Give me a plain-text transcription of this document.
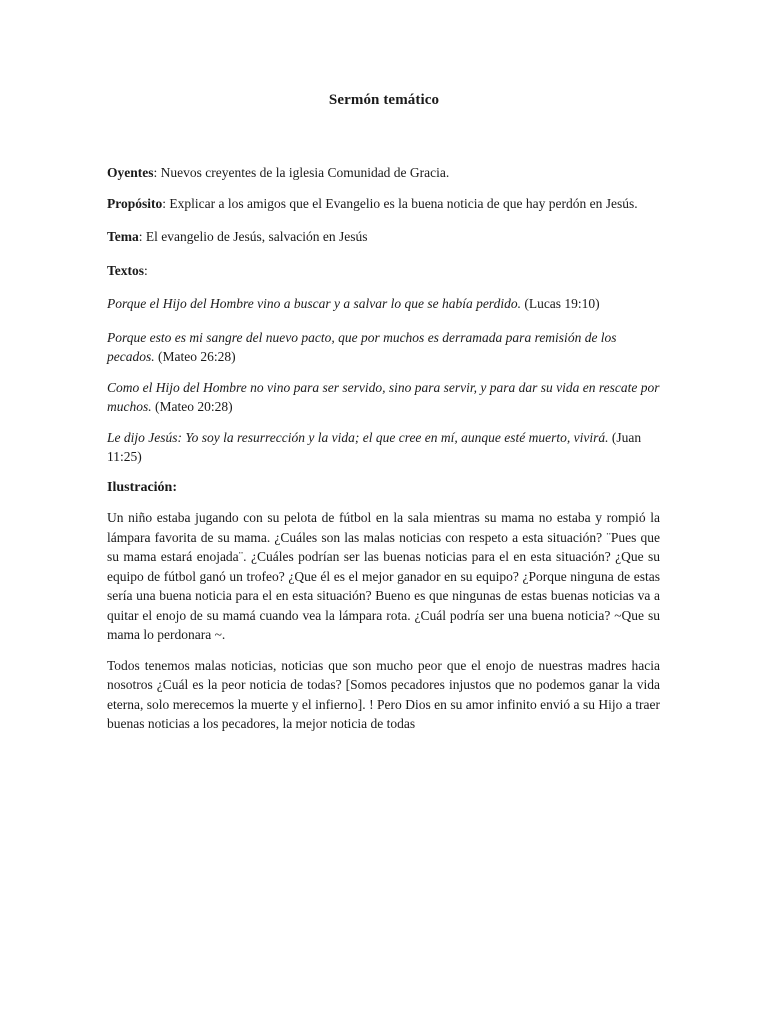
Sermón temático

Oyentes: Nuevos creyentes de la iglesia Comunidad de Gracia.

Propósito: Explicar a los amigos que el Evangelio es la buena noticia de que hay perdón en Jesús.

Tema: El evangelio de Jesús, salvación en Jesús

Textos:

Porque el Hijo del Hombre vino a buscar y a salvar lo que se había perdido. (Lucas 19:10)

Porque esto es mi sangre del nuevo pacto, que por muchos es derramada para remisión de los pecados. (Mateo 26:28)

Como el Hijo del Hombre no vino para ser servido, sino para servir, y para dar su vida en rescate por muchos. (Mateo 20:28)

Le dijo Jesús: Yo soy la resurrección y la vida; el que cree en mí, aunque esté muerto, vivirá. (Juan 11:25)

Ilustración:

Un niño estaba jugando con su pelota de fútbol en la sala mientras su mama no estaba y rompió la lámpara favorita de su mama. ¿Cuáles son las malas noticias con respeto a esta situación? ¨Pues que su mama estará enojada¨. ¿Cuáles podrían ser las buenas noticias para el en esta situación? ¿Que su equipo de fútbol ganó un trofeo? ¿Que él es el mejor ganador en su equipo? ¿Porque ninguna de estas sería una buena noticia para el en esta situación? Bueno es que ningunas de estas buenas noticias va a quitar el enojo de su mamá cuando vea la lámpara rota. ¿Cuál podría ser una buena noticia? ~Que su mama lo perdonara ~.

Todos tenemos malas noticias, noticias que son mucho peor que el enojo de nuestras madres hacia nosotros ¿Cuál es la peor noticia de todas? [Somos pecadores injustos que no podemos ganar la vida eterna, solo merecemos la muerte y el infierno]. ! Pero Dios en su amor infinito envió a su Hijo a traer buenas noticias a los pecadores, la mejor noticia de todas
